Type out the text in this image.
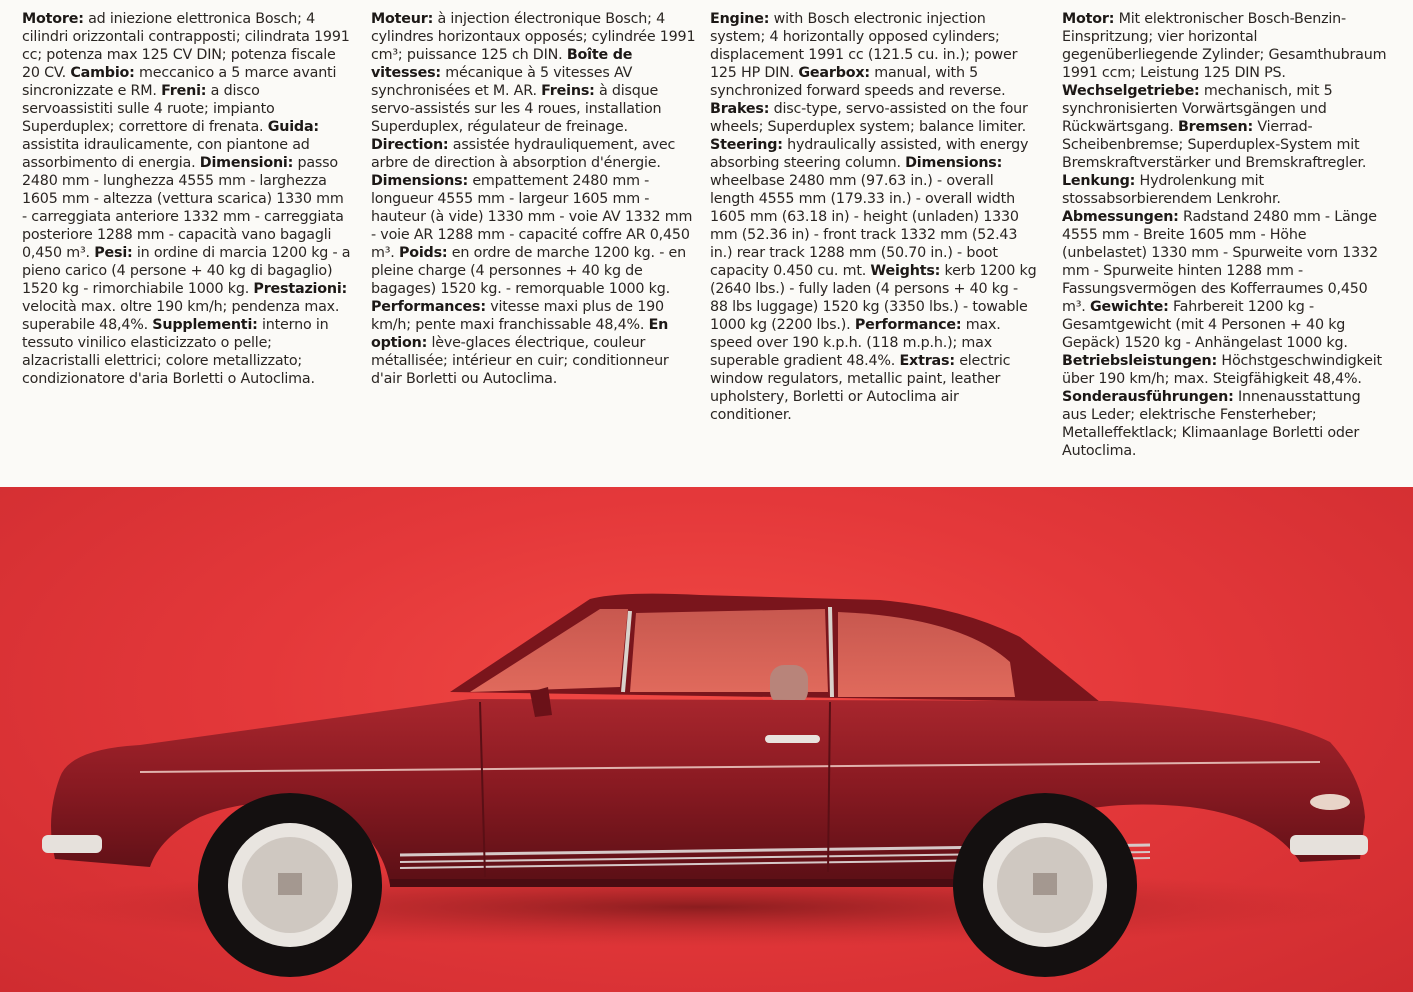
Motore: ad iniezione elettronica Bosch; 4 cilindri orizzontali contrapposti; cilindrata 1991 cc; potenza max 125 CV DIN; potenza fiscale 20 CV. Cambio: meccanico a 5 marce avanti sincronizzate e RM. Freni: a disco servoassistiti sulle 4 ruote; impianto Superduplex; correttore di frenata. Guida: assistita idraulicamente, con piantone ad assorbimento di energia. Dimensioni: passo 2480 mm - lunghezza 4555 mm - larghezza 1605 mm - altezza (vettura scarica) 1330 mm - carreggiata anteriore 1332 mm - carreggiata posteriore 1288 mm - capacità vano bagagli 0,450 m³. Pesi: in ordine di marcia 1200 kg - a pieno carico (4 persone + 40 kg di bagaglio) 1520 kg - rimorchiabile 1000 kg. Prestazioni: velocità max. oltre 190 km/h; pendenza max. superabile 48,4%. Supplementi: interno in tessuto vinilico elasticizzato o pelle; alzacristalli elettrici; colore metallizzato; condizionatore d'aria Borletti o Autoclima.
Moteur: à injection électronique Bosch; 4 cylindres horizontaux opposés; cylindrée 1991 cm³; puissance 125 ch DIN. Boîte de vitesses: mécanique à 5 vitesses AV synchronisées et M. AR. Freins: à disque servo-assistés sur les 4 roues, installation Superduplex, régulateur de freinage. Direction: assistée hydrauliquement, avec arbre de direction à absorption d'énergie. Dimensions: empattement 2480 mm - longueur 4555 mm - largeur 1605 mm - hauteur (à vide) 1330 mm - voie AV 1332 mm - voie AR 1288 mm - capacité coffre AR 0,450 m³. Poids: en ordre de marche 1200 kg. - en pleine charge (4 personnes + 40 kg de bagages) 1520 kg. - remorquable 1000 kg. Performances: vitesse maxi plus de 190 km/h; pente maxi franchissable 48,4%. En option: lève-glaces électrique, couleur métallisée; intérieur en cuir; conditionneur d'air Borletti ou Autoclima.
Engine: with Bosch electronic injection system; 4 horizontally opposed cylinders; displacement 1991 cc (121.5 cu. in.); power 125 HP DIN. Gearbox: manual, with 5 synchronized forward speeds and reverse. Brakes: disc-type, servo-assisted on the four wheels; Superduplex system; balance limiter. Steering: hydraulically assisted, with energy absorbing steering column. Dimensions: wheelbase 2480 mm (97.63 in.) - overall length 4555 mm (179.33 in.) - overall width 1605 mm (63.18 in) - height (unladen) 1330 mm (52.36 in) - front track 1332 mm (52.43 in.) rear track 1288 mm (50.70 in.) - boot capacity 0.450 cu. mt. Weights: kerb 1200 kg (2640 lbs.) - fully laden (4 persons + 40 kg - 88 lbs luggage) 1520 kg (3350 lbs.) - towable 1000 kg (2200 lbs.). Performance: max. speed over 190 k.p.h. (118 m.p.h.); max superable gradient 48.4%. Extras: electric window regulators, metallic paint, leather upholstery, Borletti or Autoclima air conditioner.
Motor: Mit elektronischer Bosch-Benzin-Einspritzung; vier horizontal gegenüberliegende Zylinder; Gesamthubraum 1991 ccm; Leistung 125 DIN PS. Wechselgetriebe: mechanisch, mit 5 synchronisierten Vorwärtsgängen und Rückwärtsgang. Bremsen: Vierrad-Scheibenbremse; Superduplex-System mit Bremskraftverstärker und Bremskraftregler. Lenkung: Hydrolenkung mit stossabsorbierendem Lenkrohr. Abmessungen: Radstand 2480 mm - Länge 4555 mm - Breite 1605 mm - Höhe (unbelastet) 1330 mm - Spurweite vorn 1332 mm - Spurweite hinten 1288 mm - Fassungsvermögen des Kofferraumes 0,450 m³. Gewichte: Fahrbereit 1200 kg - Gesamtgewicht (mit 4 Personen + 40 kg Gepäck) 1520 kg - Anhängelast 1000 kg. Betriebsleistungen: Höchstgeschwindigkeit über 190 km/h; max. Steigfähigkeit 48,4%. Sonderausführungen: Innenausstattung aus Leder; elektrische Fensterheber; Metalleffektlack; Klimaanlage Borletti oder Autoclima.
